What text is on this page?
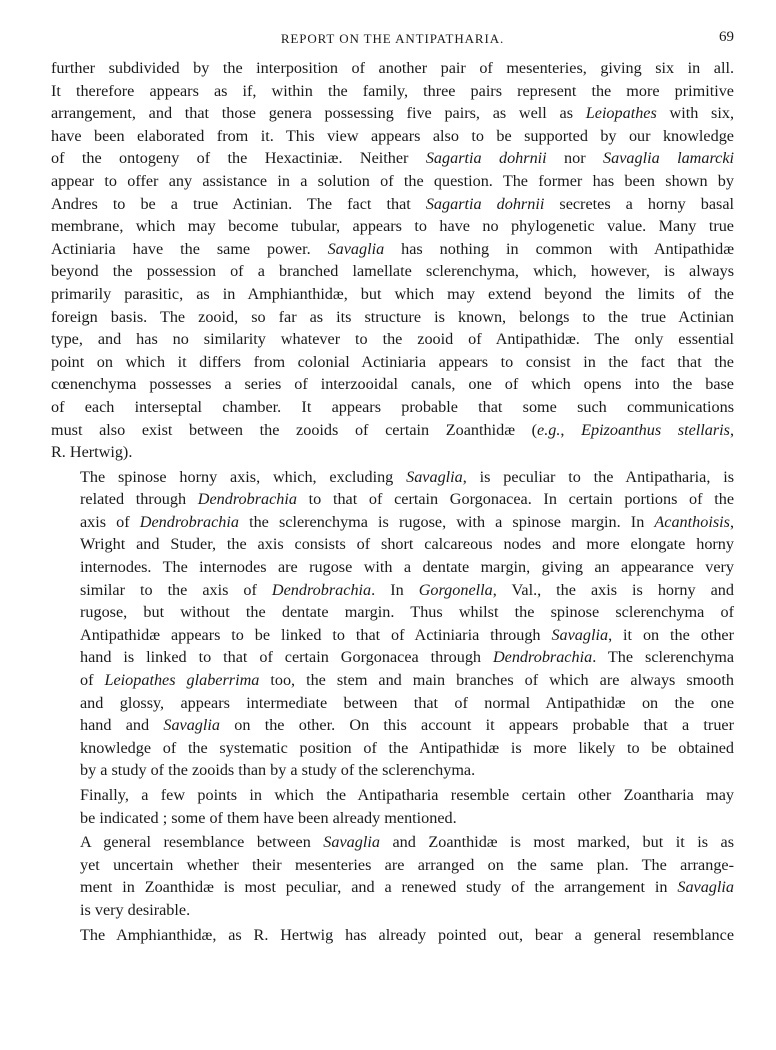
REPORT ON THE ANTIPATHARIA.	69
further subdivided by the interposition of another pair of mesenteries, giving six in all.
It therefore appears as if, within the family, three pairs represent the more primitive
arrangement, and that those genera possessing five pairs, as well as Leiopathes with six,
have been elaborated from it. This view appears also to be supported by our knowledge
of the ontogeny of the Hexactiniæ. Neither Sagartia dohrnii nor Savaglia lamarcki
appear to offer any assistance in a solution of the question. The former has been shown by
Andres to be a true Actinian. The fact that Sagartia dohrnii secretes a horny basal
membrane, which may become tubular, appears to have no phylogenetic value. Many true
Actiniaria have the same power. Savaglia has nothing in common with Antipathidæ
beyond the possession of a branched lamellate sclerenchyma, which, however, is always
primarily parasitic, as in Amphianthidæ, but which may extend beyond the limits of the
foreign basis. The zooid, so far as its structure is known, belongs to the true Actinian
type, and has no similarity whatever to the zooid of Antipathidæ. The only essential
point on which it differs from colonial Actiniaria appears to consist in the fact that the
cœnenchyma possesses a series of interzooidal canals, one of which opens into the base
of each interseptal chamber. It appears probable that some such communications
must also exist between the zooids of certain Zoanthidæ (e.g., Epizoanthus stellaris,
R. Hertwig).
The spinose horny axis, which, excluding Savaglia, is peculiar to the Antipatharia, is
related through Dendrobrachia to that of certain Gorgonacea. In certain portions of the
axis of Dendrobrachia the sclerenchyma is rugose, with a spinose margin. In Acanthoisis,
Wright and Studer, the axis consists of short calcareous nodes and more elongate horny
internodes. The internodes are rugose with a dentate margin, giving an appearance very
similar to the axis of Dendrobrachia. In Gorgonella, Val., the axis is horny and
rugose, but without the dentate margin. Thus whilst the spinose sclerenchyma of
Antipathidæ appears to be linked to that of Actiniaria through Savaglia, it on the other
hand is linked to that of certain Gorgonacea through Dendrobrachia. The sclerenchyma
of Leiopathes glaberrima too, the stem and main branches of which are always smooth
and glossy, appears intermediate between that of normal Antipathidæ on the one
hand and Savaglia on the other. On this account it appears probable that a truer
knowledge of the systematic position of the Antipathidæ is more likely to be obtained
by a study of the zooids than by a study of the sclerenchyma.
Finally, a few points in which the Antipatharia resemble certain other Zoantharia may
be indicated ; some of them have been already mentioned.
A general resemblance between Savaglia and Zoanthidæ is most marked, but it is as
yet uncertain whether their mesenteries are arranged on the same plan. The arrange-
ment in Zoanthidæ is most peculiar, and a renewed study of the arrangement in Savaglia
is very desirable.
The Amphianthidæ, as R. Hertwig has already pointed out, bear a general resemblance
